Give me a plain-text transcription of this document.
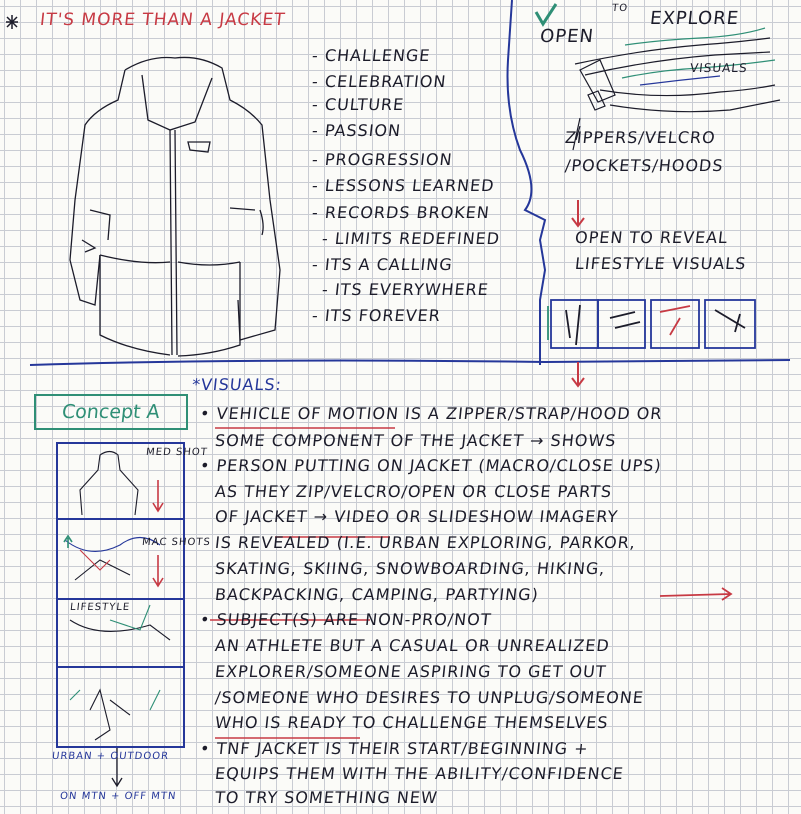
IT'S MORE THAN A JACKET
- CHALLENGE
- CELEBRATION
- CULTURE
- PASSION
- PROGRESSION
- LESSONS LEARNED
- RECORDS BROKEN
- LIMITS REDEFINED
- ITS A CALLING
- ITS EVERYWHERE
- ITS FOREVER
OPEN
TO EXPLORE
VISUALS
ZIPPERS/VELCRO
/POCKETS/HOODS
OPEN TO REVEAL
LIFESTYLE VISUALS
Concept A
*VISUALS:
• VEHICLE OF MOTION IS A ZIPPER/STRAP/HOOD OR
SOME COMPONENT OF THE JACKET → SHOWS
• PERSON PUTTING ON JACKET (MACRO/CLOSE UPS)
AS THEY ZIP/VELCRO/OPEN OR CLOSE PARTS
OF JACKET → VIDEO OR SLIDESHOW IMAGERY
IS REVEALED (I.E. URBAN EXPLORING, PARKOR,
SKATING, SKIING, SNOWBOARDING, HIKING,
BACKPACKING, CAMPING, PARTYING)
• SUBJECT(S) ARE NON-PRO/NOT
AN ATHLETE BUT A CASUAL OR UNREALIZED
EXPLORER/SOMEONE ASPIRING TO GET OUT
/SOMEONE WHO DESIRES TO UNPLUG/SOMEONE
WHO IS READY TO CHALLENGE THEMSELVES
• TNF JACKET IS THEIR START/BEGINNING +
EQUIPS THEM WITH THE ABILITY/CONFIDENCE
TO TRY SOMETHING NEW
MED SHOT
MAC SHOTS
LIFESTYLE
URBAN + OUTDOOR
ON MTN + OFF MTN
